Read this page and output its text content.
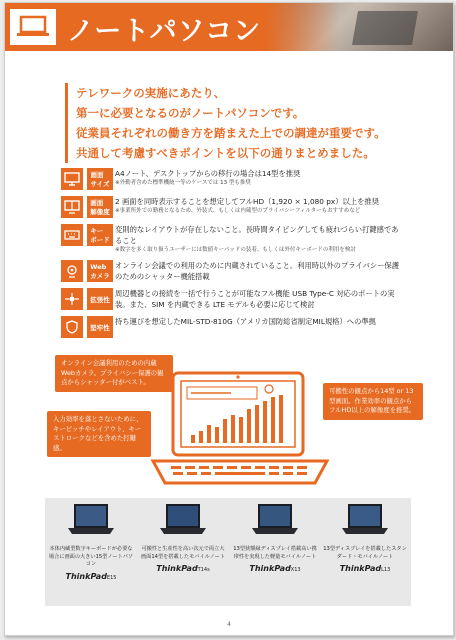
ノートパソコン
テレワークの実施にあたり、
第一に必要となるのがノートパソコンです。
従業員それぞれの働き方を踏まえた上での調達が重要です。
共通して考慮すべきポイントを以下の通りまとめました。
画面
サイズ
A4ノート、デスクトップからの移行の場合は14型を推奨
※外勤者含めた標準機統一等のケースでは 13 型も推奨
画面
解像度
2 画面を同時表示することを想定してフルHD（1,920 × 1,080 px）以上を推奨
※事業所外での勤務となるため、外装式、もしくは内蔵型のプライバシーフィルターもおすすめなど
キー
ボード
変則的なレイアウトが存在しないこと。長時間タイピングしても疲れづらい打鍵感であること
※数字を多く取り扱うユーザーには数値キーパッドの装着、もしくは外付キーボードの利用を検討
Web
カメラ
オンライン会議での利用のために内蔵されていること。利用時以外のプライバシー保護のためのシャッター機能搭載
拡張性
周辺機器との接続を一括で行うことが可能なフル機能 USB Type-C 対応のポートの実装。また、SIM を内蔵できる LTE モデルも必要に応じて検討
堅牢性
持ち運びを想定したMIL-STD-810G（アメリカ国防総省制定MIL規格）への準拠
オンライン会議利用のための内蔵Webカメラ。プライバシー保護の観点からシャッター付がベスト。
入力効率を落とさないために、キーピッチやレイアウト、キーストロークなどを含めた打鍵感。
可搬性の観点から14型 or 13型画面。作業効率の観点からフルHD以上の解像度を推奨。
本体内蔵型数字キーボードが必要な場合に画面の大きい15型ノートパソコン
ThinkPadE15
可搬性と生産性を高い次元で両立大画面14型を搭載したモバイルノート
ThinkPadT14s
13型狭額縁ディスプレイ搭載高い携帯性を実現した軽量モバイルノート
ThinkPadX13
13型ディスプレイを搭載したスタンダード・モバイルノート
ThinkPadL13
4
